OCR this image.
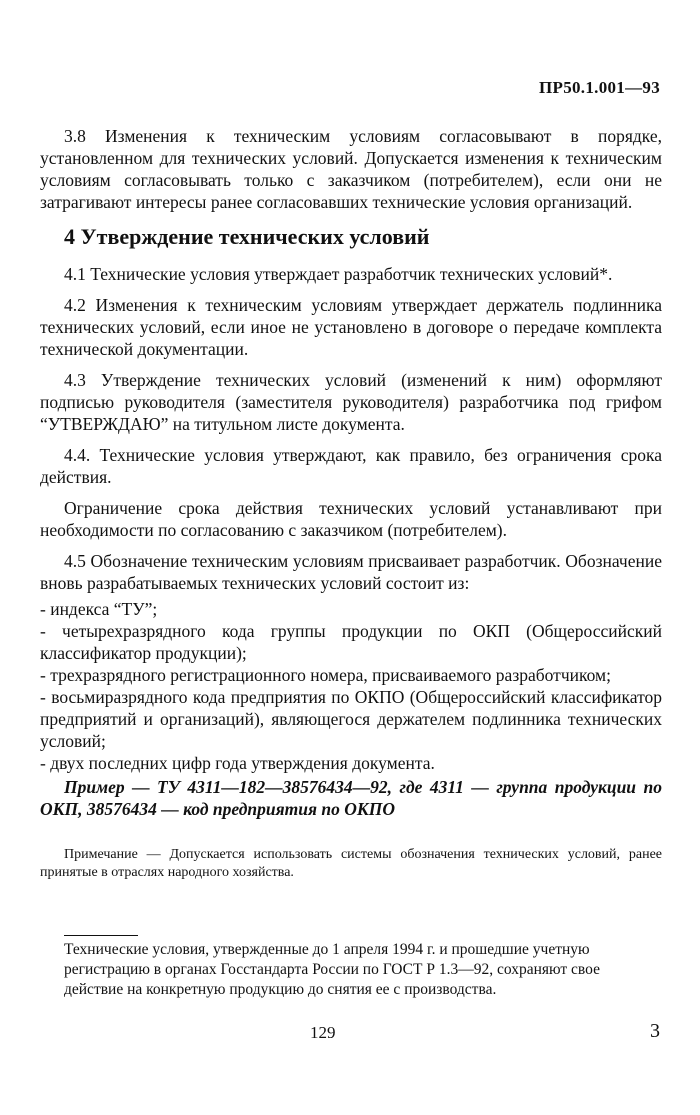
ПР50.1.001—93

3.8 Изменения к техническим условиям согласовывают в порядке, установленном для технических условий. Допускается изменения к техническим условиям согласовывать только с заказчиком (потребителем), если они не затрагивают интересы ранее согласовавших технические условия организаций.

4 Утверждение технических условий

4.1 Технические условия утверждает разработчик технических условий*.

4.2 Изменения к техническим условиям утверждает держатель подлинника технических условий, если иное не установлено в договоре о передаче комплекта технической документации.

4.3 Утверждение технических условий (изменений к ним) оформляют подписью руководителя (заместителя руководителя) разработчика под грифом “УТВЕРЖДАЮ” на титульном листе документа.

4.4. Технические условия утверждают, как правило, без ограничения срока действия.

Ограничение срока действия технических условий устанавливают при необходимости по согласованию с заказчиком (потребителем).

4.5 Обозначение техническим условиям присваивает разработчик. Обозначение вновь разрабатываемых технических условий состоит из:

- индекса “ТУ”;

- четырехразрядного кода группы продукции по ОКП (Общероссийский классификатор продукции);

- трехразрядного регистрационного номера, присваиваемого разработчиком;

- восьмиразрядного кода предприятия по ОКПО (Общероссийский классификатор предприятий и организаций), являющегося держателем подлинника технических условий;

- двух последних цифр года утверждения документа.

Пример — ТУ 4311—182—38576434—92, где 4311 — группа продукции по ОКП, 38576434 — код предприятия по ОКПО

Примечание — Допускается использовать системы обозначения технических условий, ранее принятые в отраслях народного хозяйства.

Технические условия, утвержденные до 1 апреля 1994 г. и прошедшие учетную регистрацию в органах Госстандарта России по ГОСТ Р 1.3—92, сохраняют свое действие на конкретную продукцию до снятия ее с производства.

129	3
